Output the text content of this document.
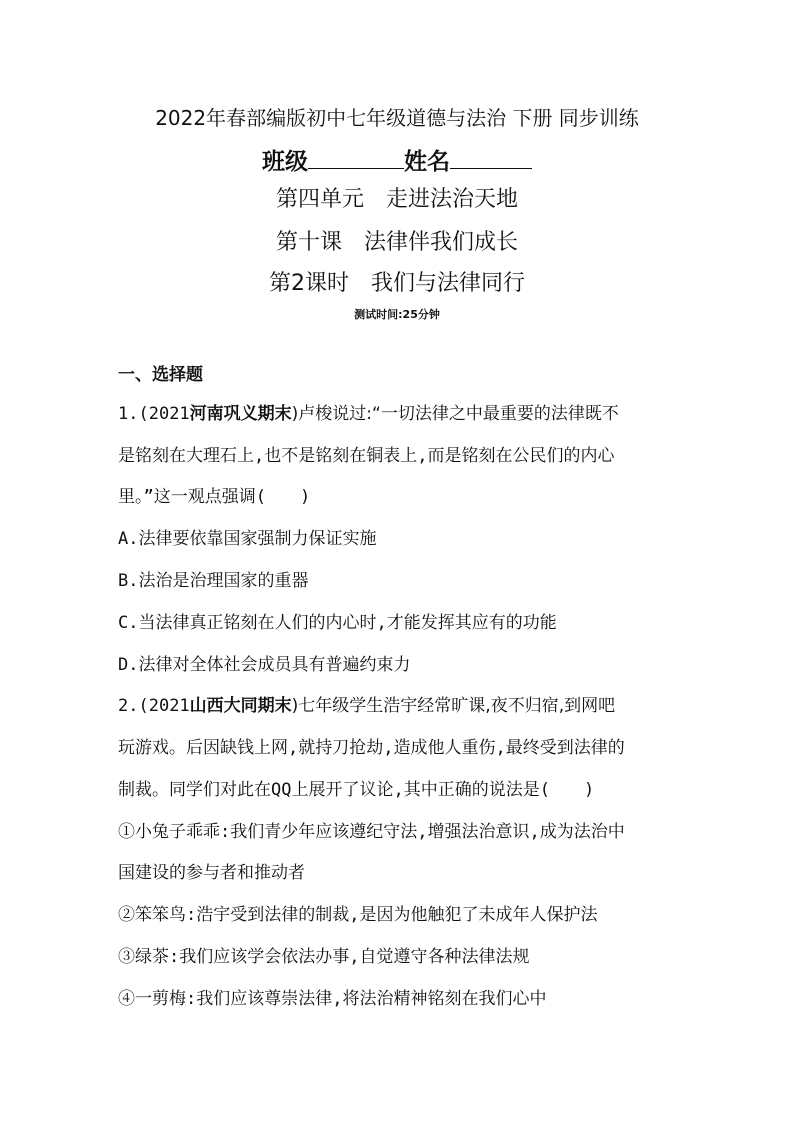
2022年春部编版初中七年级道德与法治 下册 同步训练
班级	姓名
第四单元 走进法治天地
第十课 法律伴我们成长
第2课时 我们与法律同行
测试时间:25分钟
一、选择题
1.(2021河南巩义期末)卢梭说过:“一切法律之中最重要的法律既不
是铭刻在大理石上,也不是铭刻在铜表上,而是铭刻在公民们的内心
里。”这一观点强调(　　)
A.法律要依靠国家强制力保证实施
B.法治是治理国家的重器
C.当法律真正铭刻在人们的内心时,才能发挥其应有的功能
D.法律对全体社会成员具有普遍约束力
2.(2021山西大同期末)七年级学生浩宇经常旷课,夜不归宿,到网吧
玩游戏。后因缺钱上网,就持刀抢劫,造成他人重伤,最终受到法律的
制裁。同学们对此在QQ上展开了议论,其中正确的说法是(　　)
①小兔子乖乖:我们青少年应该遵纪守法,增强法治意识,成为法治中
国建设的参与者和推动者
②笨笨鸟:浩宇受到法律的制裁,是因为他触犯了未成年人保护法
③绿茶:我们应该学会依法办事,自觉遵守各种法律法规
④一剪梅:我们应该尊崇法律,将法治精神铭刻在我们心中
